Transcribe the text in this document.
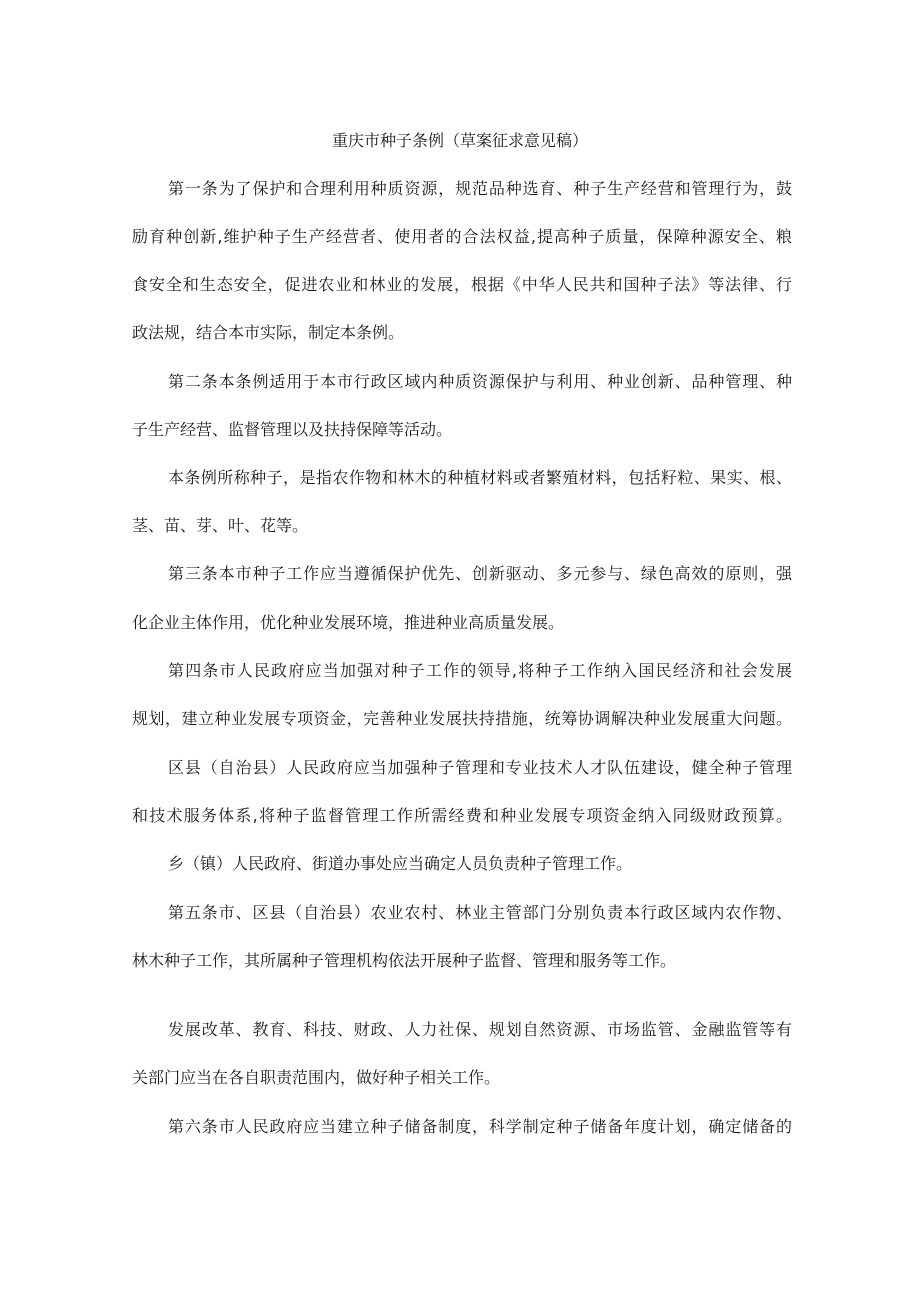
重庆市种子条例（草案征求意见稿）
第一条为了保护和合理利用种质资源，规范品种选育、种子生产经营和管理行为，鼓
励育种创新,维护种子生产经营者、使用者的合法权益,提高种子质量，保障种源安全、粮
食安全和生态安全，促进农业和林业的发展，根据《中华人民共和国种子法》等法律、行
政法规，结合本市实际，制定本条例。
第二条本条例适用于本市行政区域内种质资源保护与利用、种业创新、品种管理、种
子生产经营、监督管理以及扶持保障等活动。
本条例所称种子，是指农作物和林木的种植材料或者繁殖材料，包括籽粒、果实、根、
茎、苗、芽、叶、花等。
第三条本市种子工作应当遵循保护优先、创新驱动、多元参与、绿色高效的原则，强
化企业主体作用，优化种业发展环境，推进种业高质量发展。
第四条市人民政府应当加强对种子工作的领导,将种子工作纳入国民经济和社会发展
规划，建立种业发展专项资金，完善种业发展扶持措施，统筹协调解决种业发展重大问题。
区县（自治县）人民政府应当加强种子管理和专业技术人才队伍建设，健全种子管理
和技术服务体系,将种子监督管理工作所需经费和种业发展专项资金纳入同级财政预算。
乡（镇）人民政府、街道办事处应当确定人员负责种子管理工作。
第五条市、区县（自治县）农业农村、林业主管部门分别负责本行政区域内农作物、
林木种子工作，其所属种子管理机构依法开展种子监督、管理和服务等工作。
发展改革、教育、科技、财政、人力社保、规划自然资源、市场监管、金融监管等有
关部门应当在各自职责范围内，做好种子相关工作。
第六条市人民政府应当建立种子储备制度，科学制定种子储备年度计划，确定储备的
